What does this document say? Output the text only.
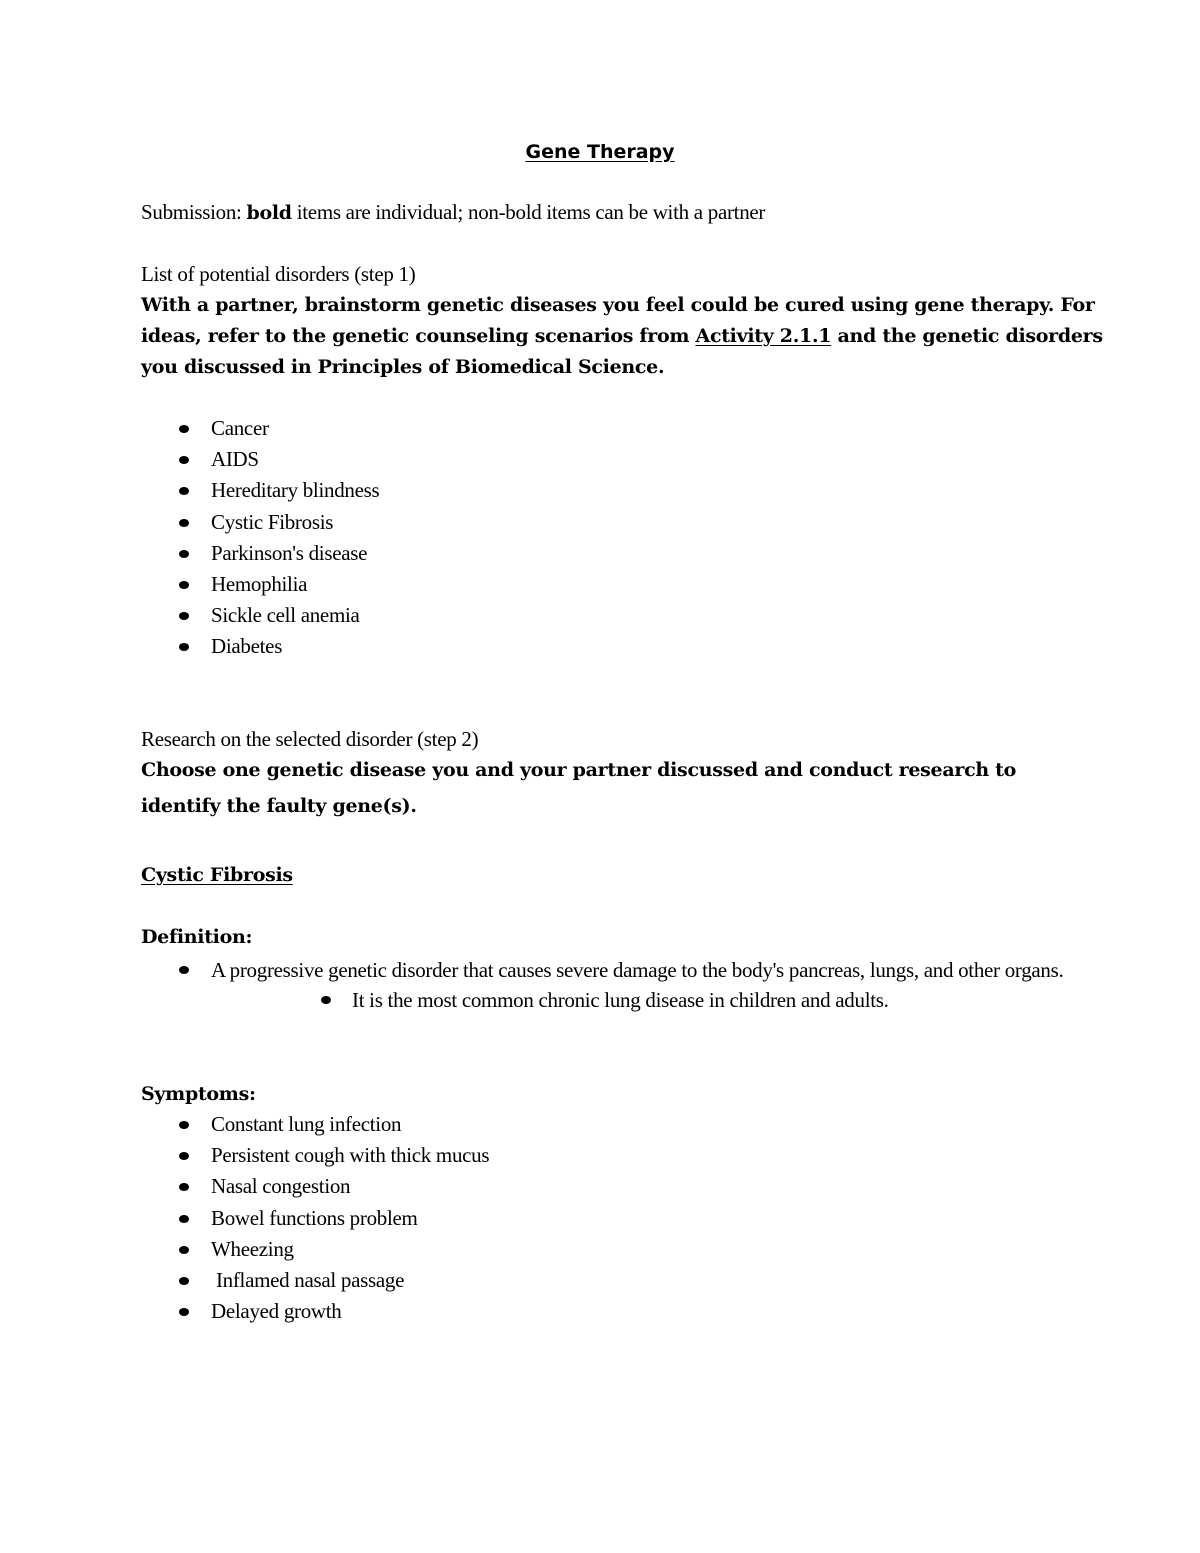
Gene Therapy
Submission: bold items are individual; non-bold items can be with a partner
List of potential disorders (step 1)
With a partner, brainstorm genetic diseases you feel could be cured using gene therapy. For
ideas, refer to the genetic counseling scenarios from Activity 2.1.1 and the genetic disorders
you discussed in Principles of Biomedical Science.
Cancer
AIDS
Hereditary blindness
Cystic Fibrosis
Parkinson's disease
Hemophilia
Sickle cell anemia
Diabetes
Research on the selected disorder (step 2)
Choose one genetic disease you and your partner discussed and conduct research to
identify the faulty gene(s).
Cystic Fibrosis
Definition:
A progressive genetic disorder that causes severe damage to the body's pancreas, lungs, and other organs.
It is the most common chronic lung disease in children and adults.
Symptoms:
Constant lung infection
Persistent cough with thick mucus
Nasal congestion
Bowel functions problem
Wheezing
Inflamed nasal passage
Delayed growth
